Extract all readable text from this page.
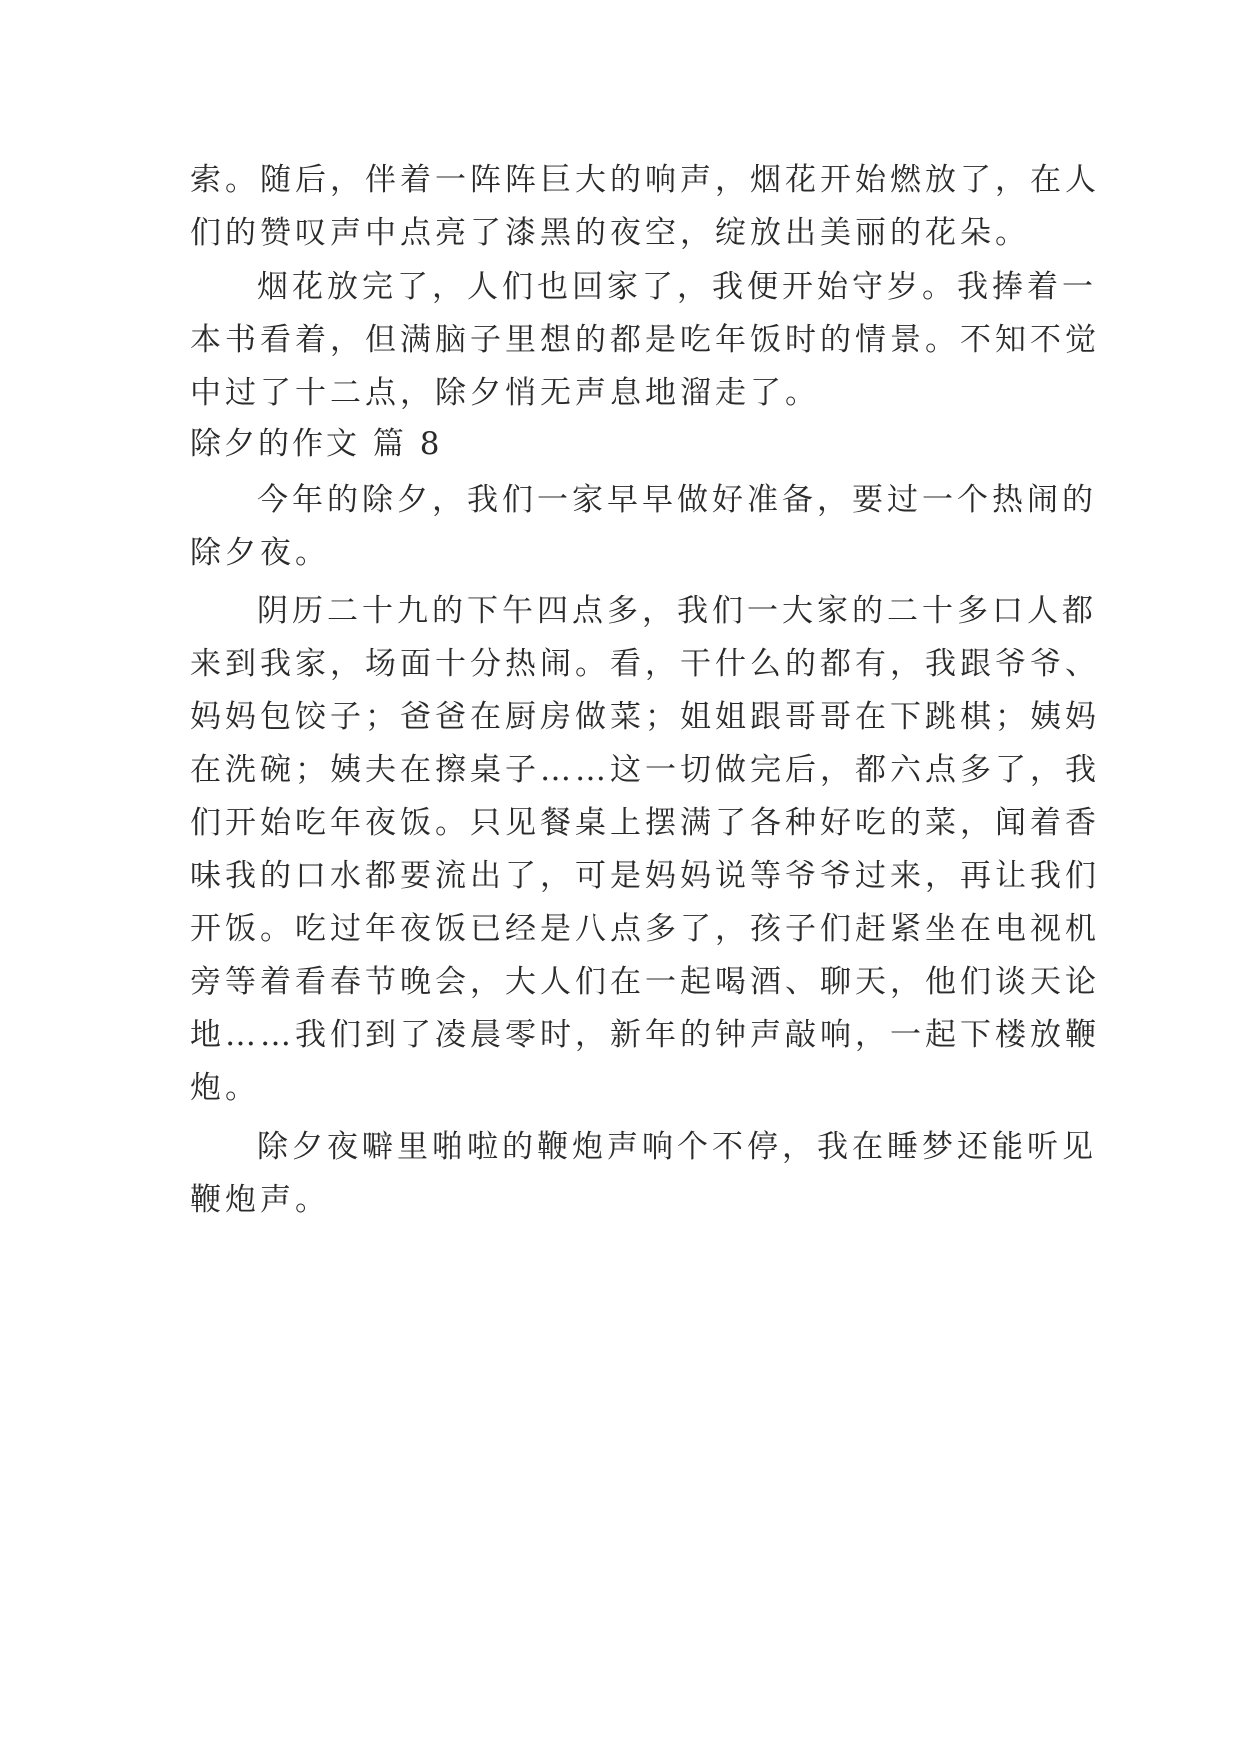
索。随后，伴着一阵阵巨大的响声，烟花开始燃放了，在人
们的赞叹声中点亮了漆黑的夜空，绽放出美丽的花朵。
烟花放完了，人们也回家了，我便开始守岁。我捧着一
本书看着，但满脑子里想的都是吃年饭时的情景。不知不觉
中过了十二点，除夕悄无声息地溜走了。
除夕的作文 篇 8
今年的除夕，我们一家早早做好准备，要过一个热闹的
除夕夜。
阴历二十九的下午四点多，我们一大家的二十多口人都
来到我家，场面十分热闹。看，干什么的都有，我跟爷爷、
妈妈包饺子；爸爸在厨房做菜；姐姐跟哥哥在下跳棋；姨妈
在洗碗；姨夫在擦桌子……这一切做完后，都六点多了，我
们开始吃年夜饭。只见餐桌上摆满了各种好吃的菜，闻着香
味我的口水都要流出了，可是妈妈说等爷爷过来，再让我们
开饭。吃过年夜饭已经是八点多了，孩子们赶紧坐在电视机
旁等着看春节晚会，大人们在一起喝酒、聊天，他们谈天论
地……我们到了凌晨零时，新年的钟声敲响，一起下楼放鞭
炮。
除夕夜噼里啪啦的鞭炮声响个不停，我在睡梦还能听见
鞭炮声。
